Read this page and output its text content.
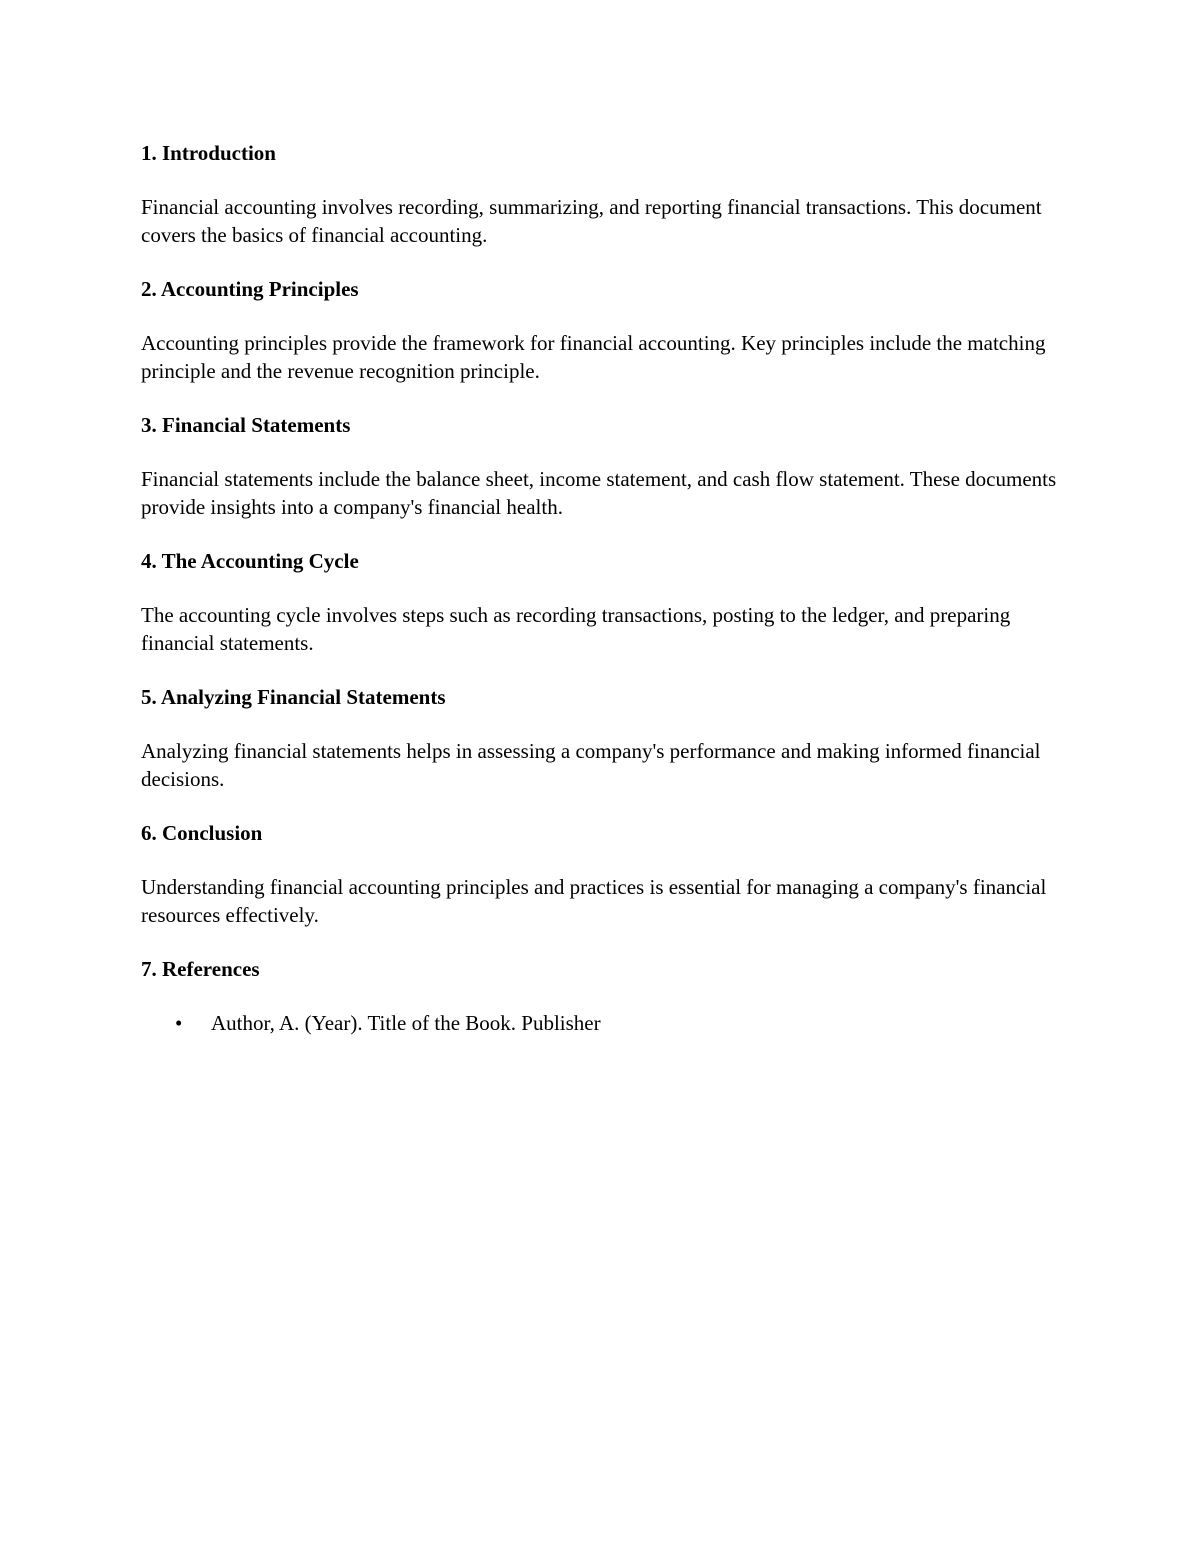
1. Introduction

Financial accounting involves recording, summarizing, and reporting financial transactions. This document covers the basics of financial accounting.

2. Accounting Principles

Accounting principles provide the framework for financial accounting. Key principles include the matching principle and the revenue recognition principle.

3. Financial Statements

Financial statements include the balance sheet, income statement, and cash flow statement. These documents provide insights into a company's financial health.

4. The Accounting Cycle

The accounting cycle involves steps such as recording transactions, posting to the ledger, and preparing financial statements.

5. Analyzing Financial Statements

Analyzing financial statements helps in assessing a company's performance and making informed financial decisions.

6. Conclusion

Understanding financial accounting principles and practices is essential for managing a company's financial resources effectively.

7. References
• Author, A. (Year). Title of the Book. Publisher
